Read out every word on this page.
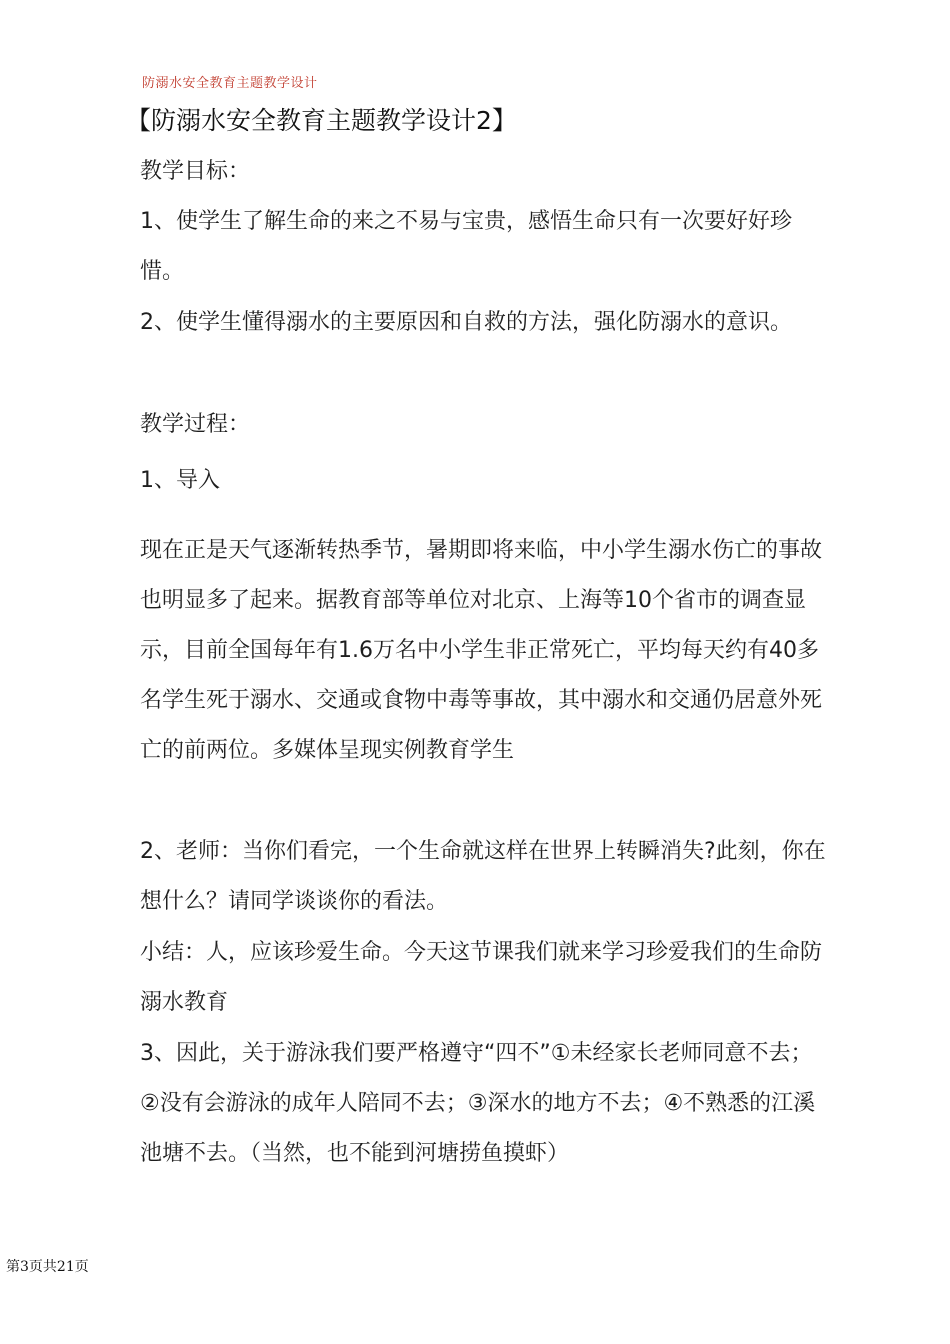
防溺水安全教育主题教学设计
【防溺水安全教育主题教学设计2】

教学目标：

1、使学生了解生命的来之不易与宝贵，感悟生命只有一次要好好珍惜。

2、使学生懂得溺水的主要原因和自救的方法，强化防溺水的意识。

教学过程：

1、导入

现在正是天气逐渐转热季节，暑期即将来临，中小学生溺水伤亡的事故也明显多了起来。据教育部等单位对北京、上海等10个省市的调查显示，目前全国每年有1.6万名中小学生非正常死亡，平均每天约有40多名学生死于溺水、交通或食物中毒等事故，其中溺水和交通仍居意外死亡的前两位。多媒体呈现实例教育学生

2、老师：当你们看完，一个生命就这样在世界上转瞬消失?此刻，你在想什么？请同学谈谈你的看法。

小结：人，应该珍爱生命。今天这节课我们就来学习珍爱我们的生命防溺水教育

3、因此，关于游泳我们要严格遵守“四不”①未经家长老师同意不去；②没有会游泳的成年人陪同不去；③深水的地方不去；④不熟悉的江溪池塘不去。（当然，也不能到河塘捞鱼摸虾）

第3页共21页
